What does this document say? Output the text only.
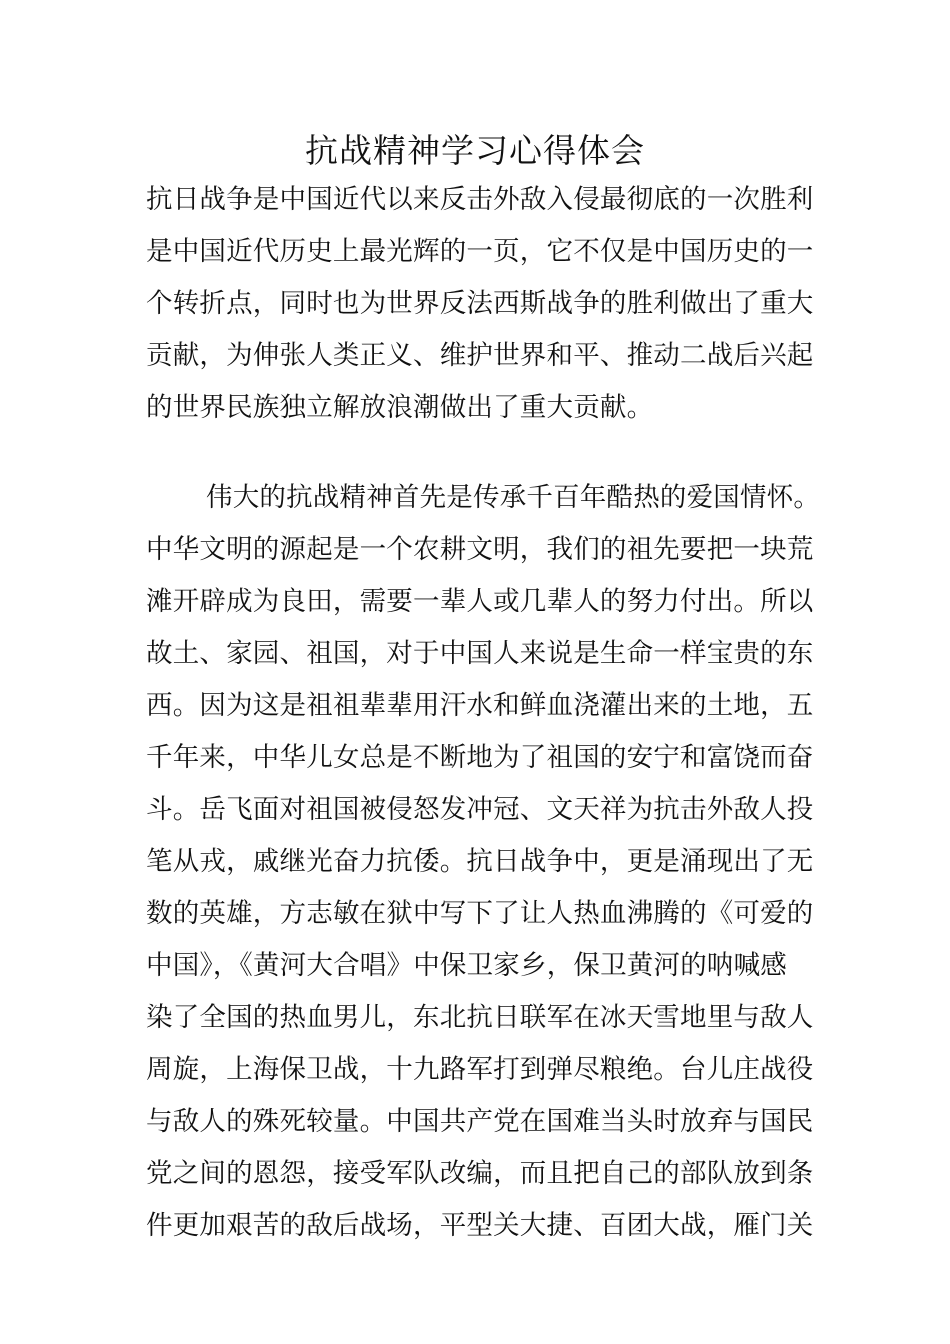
抗战精神学习心得体会
抗日战争是中国近代以来反击外敌入侵最彻底的一次胜利
是中国近代历史上最光辉的一页，它不仅是中国历史的一
个转折点，同时也为世界反法西斯战争的胜利做出了重大
贡献，为伸张人类正义、维护世界和平、推动二战后兴起
的世界民族独立解放浪潮做出了重大贡献。
伟大的抗战精神首先是传承千百年酷热的爱国情怀。
中华文明的源起是一个农耕文明，我们的祖先要把一块荒
滩开辟成为良田，需要一辈人或几辈人的努力付出。所以
故土、家园、祖国，对于中国人来说是生命一样宝贵的东
西。因为这是祖祖辈辈用汗水和鲜血浇灌出来的土地，五
千年来，中华儿女总是不断地为了祖国的安宁和富饶而奋
斗。岳飞面对祖国被侵怒发冲冠、文天祥为抗击外敌人投
笔从戎，戚继光奋力抗倭。抗日战争中，更是涌现出了无
数的英雄，方志敏在狱中写下了让人热血沸腾的《可爱的
中国》，《黄河大合唱》中保卫家乡，保卫黄河的呐喊感
染了全国的热血男儿，东北抗日联军在冰天雪地里与敌人
周旋，上海保卫战，十九路军打到弹尽粮绝。台儿庄战役
与敌人的殊死较量。中国共产党在国难当头时放弃与国民
党之间的恩怨，接受军队改编，而且把自己的部队放到条
件更加艰苦的敌后战场，平型关大捷、百团大战，雁门关
